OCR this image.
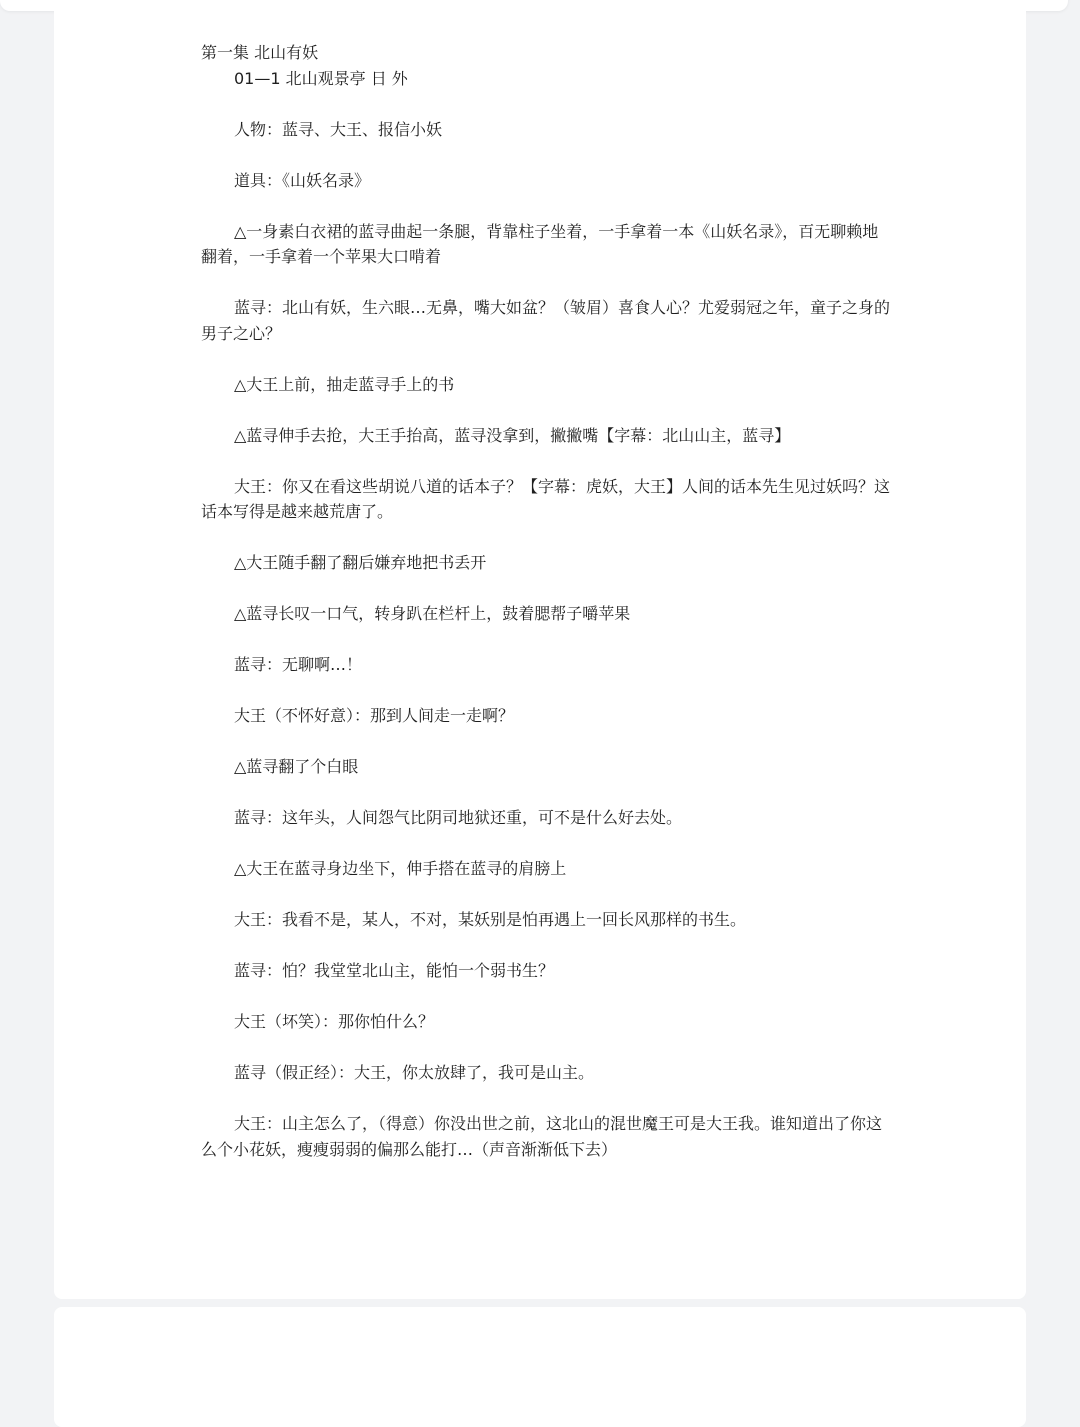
第一集 北山有妖

01—1 北山观景亭 日 外

人物：蓝寻、大王、报信小妖

道具：《山妖名录》

△一身素白衣裙的蓝寻曲起一条腿，背靠柱子坐着，一手拿着一本《山妖名录》，百无聊赖地翻着，一手拿着一个苹果大口啃着

蓝寻：北山有妖，生六眼…无鼻，嘴大如盆？（皱眉）喜食人心？尤爱弱冠之年，童子之身的男子之心？

△大王上前，抽走蓝寻手上的书

△蓝寻伸手去抢，大王手抬高，蓝寻没拿到，撇撇嘴【字幕：北山山主，蓝寻】

大王：你又在看这些胡说八道的话本子？【字幕：虎妖，大王】人间的话本先生见过妖吗？这话本写得是越来越荒唐了。

△大王随手翻了翻后嫌弃地把书丢开

△蓝寻长叹一口气，转身趴在栏杆上，鼓着腮帮子嚼苹果

蓝寻：无聊啊…！

大王（不怀好意）：那到人间走一走啊？

△蓝寻翻了个白眼

蓝寻：这年头，人间怨气比阴司地狱还重，可不是什么好去处。

△大王在蓝寻身边坐下，伸手搭在蓝寻的肩膀上

大王：我看不是，某人，不对，某妖别是怕再遇上一回长风那样的书生。

蓝寻：怕？我堂堂北山主，能怕一个弱书生？

大王（坏笑）：那你怕什么？

蓝寻（假正经）：大王，你太放肆了，我可是山主。

大王：山主怎么了，（得意）你没出世之前，这北山的混世魔王可是大王我。谁知道出了你这么个小花妖，瘦瘦弱弱的偏那么能打…（声音渐渐低下去）
